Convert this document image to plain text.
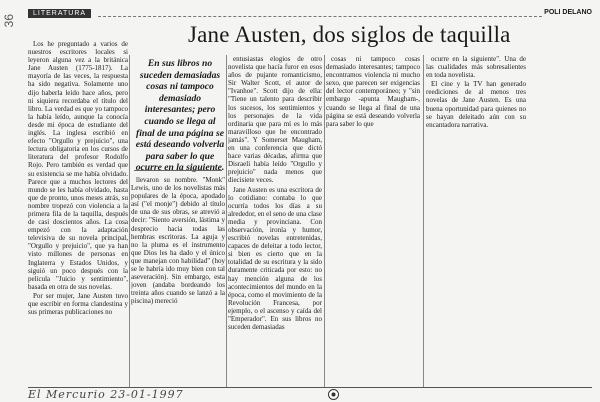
36
LITERATURA	POLI DELANO
Jane Austen, dos siglos de taquilla

Los he preguntado a varios de nuestros escritores locales si leyeron alguna vez a la británica Jane Austen (1775-1817). La mayoría de las veces, la respuesta ha sido negativa. Solamente uno dijo haberla leído hace años, pero ni siquiera recordaba el título del libro. La verdad es que yo tampoco la había leído, aunque la conocía desde mi época de estudiante del inglés. La inglesa escribió en efecto "Orgullo y prejuicio", una lectura obligatoria en los cursos de literatura del profesor Rodolfo Rojo. Pero también es verdad que su existencia se me había olvidado. Parece que a muchos lectores del mundo se les había olvidado, hasta que de pronto, unos meses atrás, su nombre tropezó con violencia a la primera fila de la taquilla, después de casi doscientos años. La cosa empezó con la adaptación televisiva de su novela principal, "Orgullo y prejuicio", que ya han visto millones de personas en Inglaterra y Estados Unidos, y siguió un poco después con la película "Juicio y sentimiento", basada en otra de sus novelas.

Por ser mujer, Jane Austen tuvo que escribir en forma clandestina y sus primeras publicaciones no

En sus libros no suceden demasiadas cosas ni tampoco demasiado interesantes; pero cuando se llega al final de una página se está deseando volverla para saber lo que ocurre en la siguiente.

llevaron su nombre. "Monk" Lewis, uno de los novelistas más populares de la época, apodado así ("el monje") debido al título de una de sus obras, se atrevió a decir: "Siento aversión, lástima y desprecio hacia todas las hembras escritoras. La aguja y no la pluma es el instrumento que Dios les ha dado y el único que manejan con habilidad" (hoy se le habría ido muy bien con tal aseveración). Sin embargo, esta joven (andaba bordeando los treinta años cuando se lanzó a la piscina) mereció

entusiastas elogios de otro novelista que hacía furor en esos años de pujante romanticismo, Sir Walter Scott, el autor de "Ivanhoe". Scott dijo de ella: "Tiene un talento para describir los sucesos, los sentimientos y los personajes de la vida ordinaria que para mí es lo más maravilloso que he encontrado jamás". Y Somerset Maugham, en una conferencia que dictó hace varias décadas, afirma que Disraeli había leído "Orgullo y prejuicio" nada menos que diecisiete veces.

Jane Austen es una escritora de lo cotidiano: contaba lo que ocurría todos los días a su alrededor, en el seno de una clase media y provinciana. Con observación, ironía y humor, escribió novelas entretenidas, capaces de deleitar a todo lector, si bien es cierto que en la totalidad de su escritura y la sido duramente criticada por esto: no hay mención alguna de los acontecimientos del mundo en la época, como el movimiento de la Revolución Francesa, por ejemplo, o el ascenso y caída del "Emperador". En sus libros no suceden demasiadas

cosas ni tampoco cosas demasiado interesantes; tampoco encontramos violencia ni mucho sexo, que parecen ser exigencias del lector contemporáneo; y "sin embargo -apunta Maugham-, cuando se llega al final de una página se está deseando volverla para saber lo que

ocurre en la siguiente". Una de las cualidades más sobresalientes en toda novelista.

El cine y la TV han generado reediciones de al menos tres novelas de Jane Austen. Es una buena oportunidad para quienes no se hayan deleitado aún con su encantadora narrativa.

El Mercurio 23-01-1997
